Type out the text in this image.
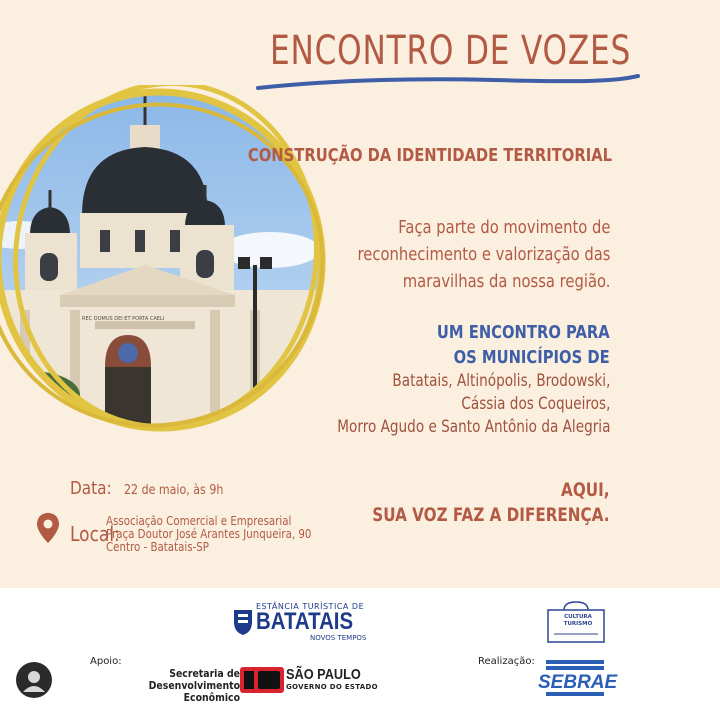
ENCONTRO DE VOZES
REC DOMUS DEI ET PORTA CAELI
CONSTRUÇÃO DA IDENTIDADE TERRITORIAL
Faça parte do movimento de
reconhecimento e valorização das
maravilhas da nossa região.
UM ENCONTRO PARA
OS MUNICÍPIOS DE
Batatais, Altinópolis, Brodowski,
Cássia dos Coqueiros,
Morro Agudo e Santo Antônio da Alegria
AQUI,
SUA VOZ FAZ A DIFERENÇA.
Data: 22 de maio, às 9h
Local:
Associação Comercial e Empresarial
Praça Doutor José Arantes Junqueira, 90
Centro - Batatais-SP
ESTÂNCIA TURÍSTICA DE
BATATAIS
NOVOS TEMPOS
CULTURA TURISMO
Apoio:
Secretaria de
Desenvolvimento Econômico
SÃO PAULO
GOVERNO DO ESTADO
Realização:
SEBRAE
